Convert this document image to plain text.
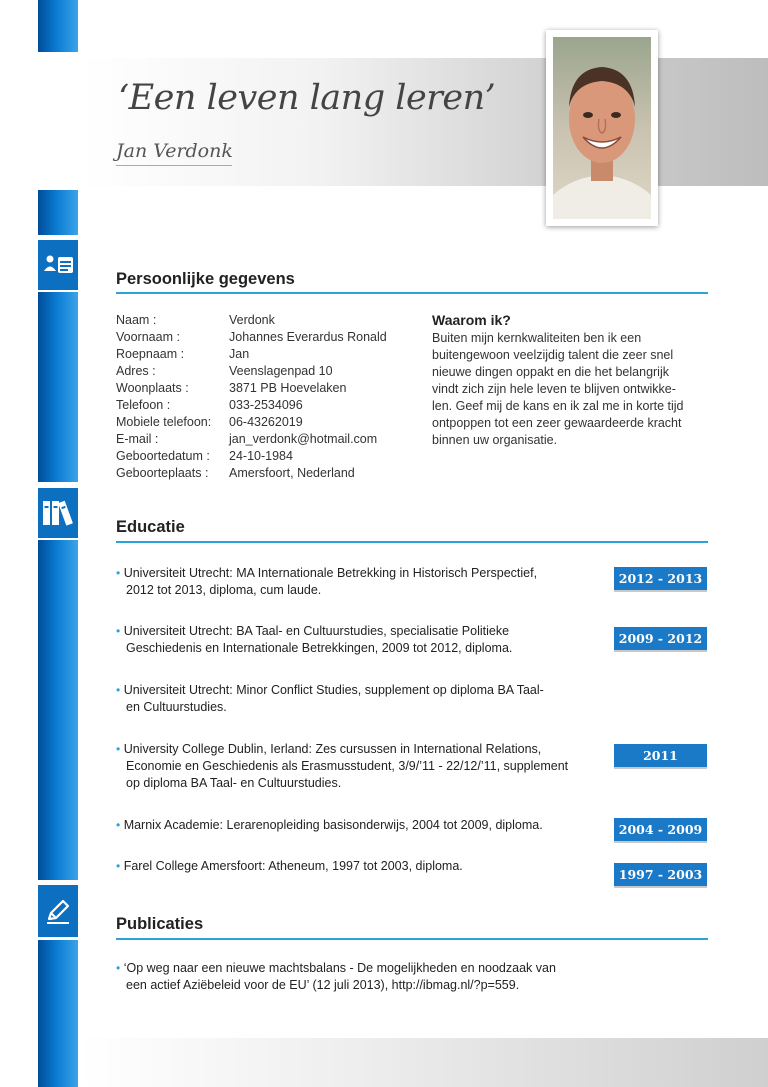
‘Een leven lang leren’
Jan Verdonk
Persoonlijke gegevens
Naam :	Verdonk
Voornaam :	Johannes Everardus Ronald
Roepnaam :	Jan
Adres :	Veenslagenpad 10
Woonplaats :	3871 PB Hoevelaken
Telefoon :	033-2534096
Mobiele telefoon: 06-43262019
E-mail :	jan_verdonk@hotmail.com
Geboortedatum : 24-10-1984
Geboorteplaats : Amersfoort, Nederland
Waarom ik?
Buiten mijn kernkwaliteiten ben ik een
buitengewoon veelzijdig talent die zeer snel
nieuwe dingen oppakt en die het belangrijk
vindt zich zijn hele leven te blijven ontwikke-
len. Geef mij de kans en ik zal me in korte tijd
ontpoppen tot een zeer gewaardeerde kracht
binnen uw organisatie.
Educatie
• Universiteit Utrecht: MA Internationale Betrekking in Historisch Perspectief,
2012 tot 2013, diploma, cum laude.
2012 - 2013
• Universiteit Utrecht: BA Taal- en Cultuurstudies, specialisatie Politieke
Geschiedenis en Internationale Betrekkingen, 2009 tot 2012, diploma.
2009 - 2012
• Universiteit Utrecht: Minor Conflict Studies, supplement op diploma BA Taal-
en Cultuurstudies.
• University College Dublin, Ierland: Zes cursussen in International Relations,
Economie en Geschiedenis als Erasmusstudent, 3/9/’11 - 22/12/’11, supplement
op diploma BA Taal- en Cultuurstudies.
2011
• Marnix Academie: Lerarenopleiding basisonderwijs, 2004 tot 2009, diploma.	2004 - 2009
• Farel College Amersfoort: Atheneum, 1997 tot 2003, diploma.
1997 - 2003
Publicaties
• ‘Op weg naar een nieuwe machtsbalans - De mogelijkheden en noodzaak van
een actief Aziëbeleid voor de EU’ (12 juli 2013), http://ibmag.nl/?p=559.
